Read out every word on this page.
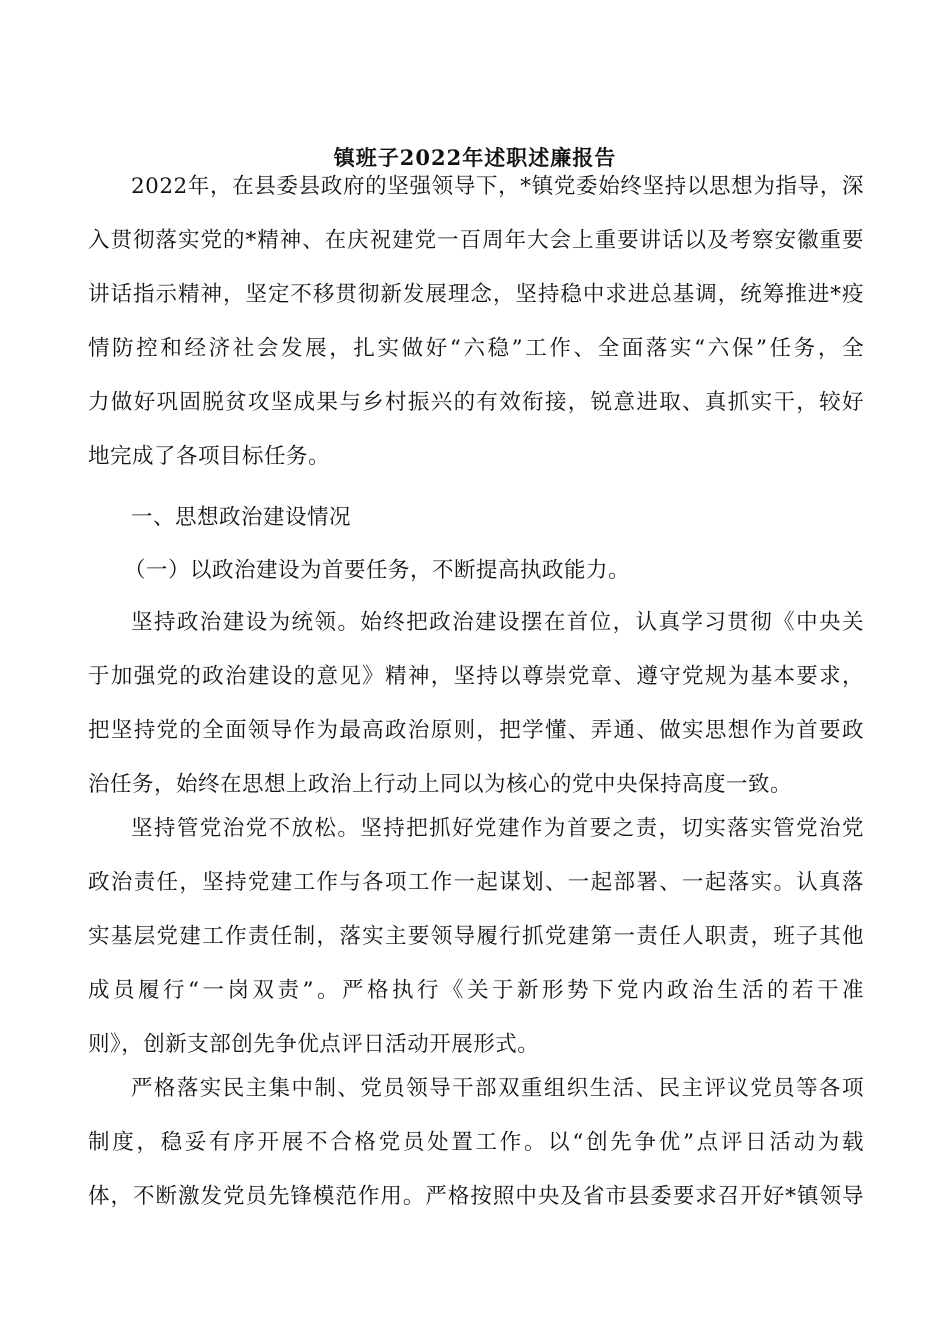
镇班子2022年述职述廉报告
2022年，在县委县政府的坚强领导下，*镇党委始终坚持以思想为指导，深
入贯彻落实党的*精神、在庆祝建党一百周年大会上重要讲话以及考察安徽重要
讲话指示精神，坚定不移贯彻新发展理念，坚持稳中求进总基调，统筹推进*疫
情防控和经济社会发展，扎实做好“六稳”工作、全面落实“六保”任务，全
力做好巩固脱贫攻坚成果与乡村振兴的有效衔接，锐意进取、真抓实干，较好
地完成了各项目标任务。
一、思想政治建设情况
（一）以政治建设为首要任务，不断提高执政能力。
坚持政治建设为统领。始终把政治建设摆在首位，认真学习贯彻《中央关
于加强党的政治建设的意见》精神，坚持以尊崇党章、遵守党规为基本要求，
把坚持党的全面领导作为最高政治原则，把学懂、弄通、做实思想作为首要政
治任务，始终在思想上政治上行动上同以为核心的党中央保持高度一致。
坚持管党治党不放松。坚持把抓好党建作为首要之责，切实落实管党治党
政治责任，坚持党建工作与各项工作一起谋划、一起部署、一起落实。认真落
实基层党建工作责任制，落实主要领导履行抓党建第一责任人职责，班子其他
成员履行“一岗双责”。严格执行《关于新形势下党内政治生活的若干准
则》，创新支部创先争优点评日活动开展形式。
严格落实民主集中制、党员领导干部双重组织生活、民主评议党员等各项
制度，稳妥有序开展不合格党员处置工作。以“创先争优”点评日活动为载
体，不断激发党员先锋模范作用。严格按照中央及省市县委要求召开好*镇领导
